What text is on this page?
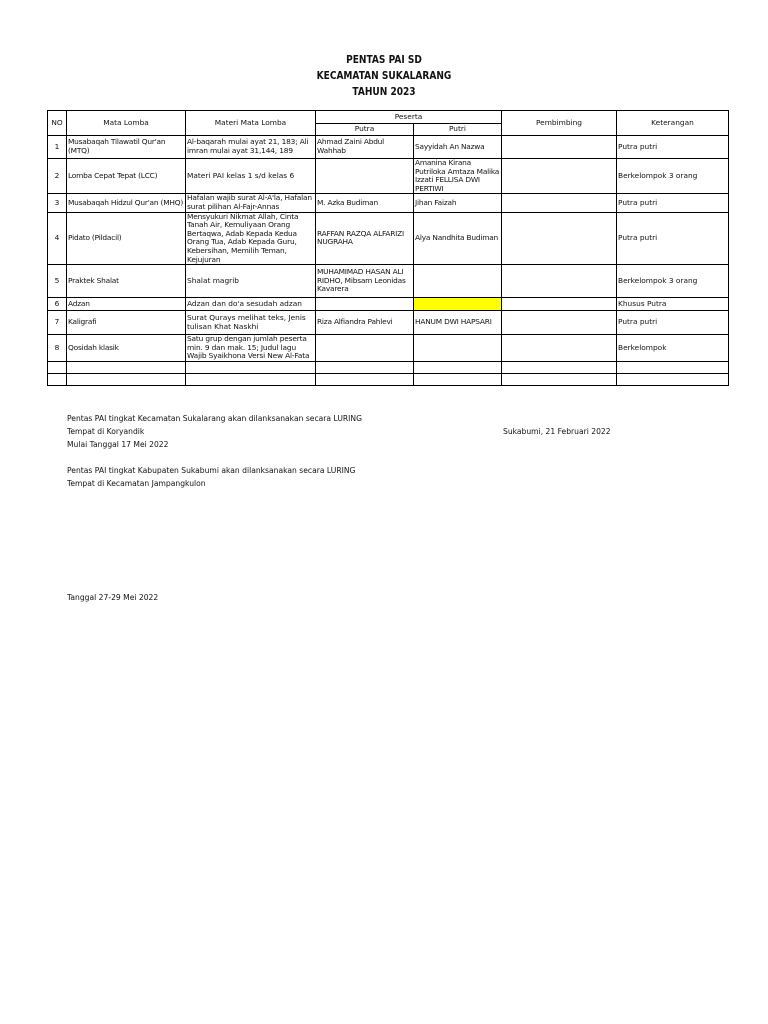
PENTAS PAI SD
KECAMATAN SUKALARANG
TAHUN 2023
NO	Mata Lomba	Materi Mata Lomba	Peserta		Pembimbing	Keterangan
			Putra	Putri		
1	Musabaqah Tilawatil Qur'an (MTQ)	Al-baqarah mulai ayat 21, 183; Ali imran mulai ayat 31,144, 189	Ahmad Zaini Abdul Wahhab	Sayyidah An Nazwa		Putra putri
2	Lomba Cepat Tepat (LCC)	Materi PAI kelas 1 s/d kelas 6		Amanina Kirana Putriloka Amtaza Malika Izzati FELLISA DWI PERTIWI		Berkelompok 3 orang
3	Musabaqah Hidzul Qur'an (MHQ)	Hafalan wajib surat Al-A'la, Hafalan surat pilihan Al-Fajr-Annas	M. Azka Budiman	Jihan Faizah		Putra putri
4	Pidato (Pildacil)	Mensyukuri Nikmat Allah, Cinta Tanah Air, Kemuliyaan Orang Bertaqwa, Adab Kepada Kedua Orang Tua, Adab Kepada Guru, Kebersihan, Memilih Teman, Kejujuran	RAFFAN RAZQA ALFARIZI NUGRAHA	Alya Nandhita Budiman		Putra putri
5	Praktek Shalat	Shalat magrib	MUHAMIMAD HASAN ALI RIDHO, Mibsam Leonidas Kavarera			Berkelompok 3 orang
6	Adzan	Adzan dan do'a sesudah adzan				Khusus Putra
7	Kaligrafi	Surat Qurays melihat teks, Jenis tulisan Khat Naskhi	Riza Alfiandra Pahlevi	HANUM DWI HAPSARI		Putra putri
8	Qosidah klasik	Satu grup dengan jumlah peserta min. 9 dan mak. 15; Judul lagu Wajib Syaikhona Versi New Al-Fata				Berkelompok

Pentas PAI tingkat Kecamatan Sukalarang akan dilanksanakan secara LURING
Tempat di Koryandik
Mulai Tanggal 17 Mei 2022
Sukabumi, 21 Februari 2022
Pentas PAI tingkat Kabupaten Sukabumi akan dilanksanakan secara LURING
Tempat di Kecamatan Jampangkulon
Tanggal 27-29 Mei 2022
